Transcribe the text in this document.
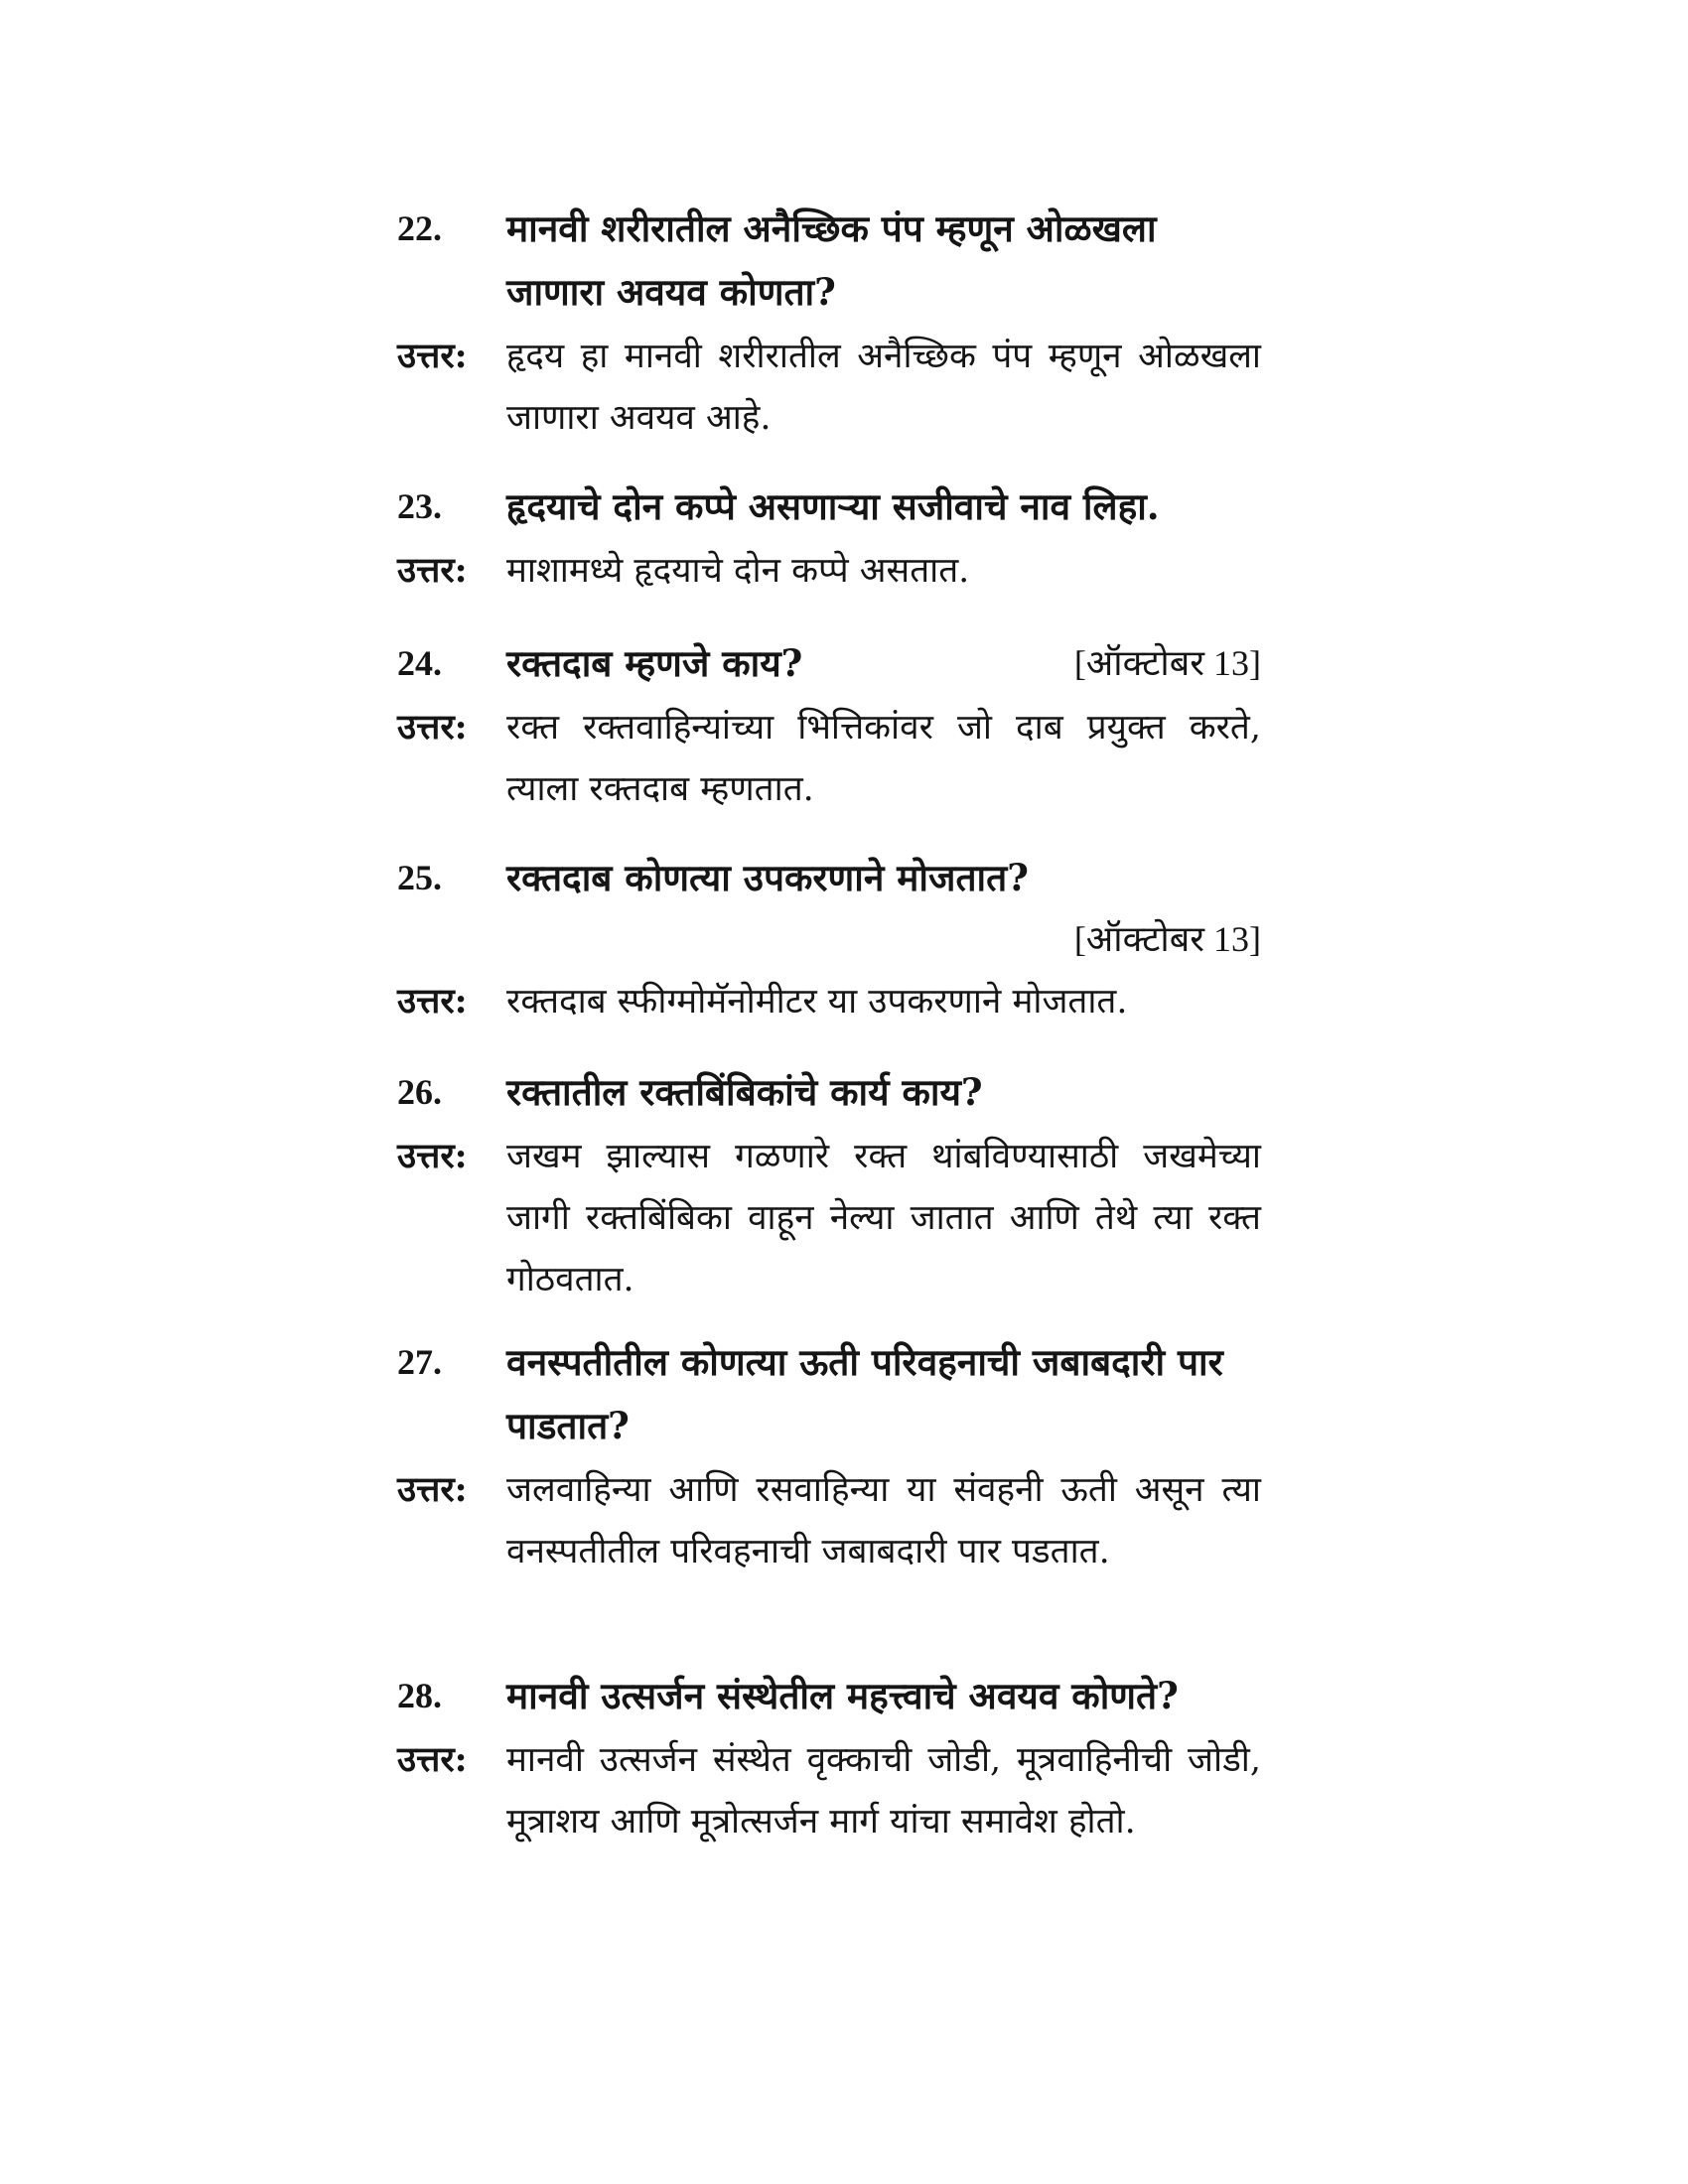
22.	मानवी शरीरातील अनैच्छिक पंप म्हणून ओळखला जाणारा अवयव कोणता?
उत्तर: हृदय हा मानवी शरीरातील अनैच्छिक पंप म्हणून ओळखला जाणारा अवयव आहे.
23.	हृदयाचे दोन कप्पे असणाऱ्या सजीवाचे नाव लिहा.
उत्तर: माशामध्ये हृदयाचे दोन कप्पे असतात.
24.	रक्तदाब म्हणजे काय?	[ऑक्टोबर 13]
उत्तर: रक्त रक्तवाहिन्यांच्या भित्तिकांवर जो दाब प्रयुक्त करते, त्याला रक्तदाब म्हणतात.
25.	रक्तदाब कोणत्या उपकरणाने मोजतात?
[ऑक्टोबर 13]
उत्तर: रक्तदाब स्फीग्मोमॅनोमीटर या उपकरणाने मोजतात.
26.	रक्तातील रक्तबिंबिकांचे कार्य काय?
उत्तर: जखम झाल्यास गळणारे रक्त थांबविण्यासाठी जखमेच्या जागी रक्तबिंबिका वाहून नेल्या जातात आणि तेथे त्या रक्त गोठवतात.
27.	वनस्पतीतील कोणत्या ऊती परिवहनाची जबाबदारी पार पाडतात?
उत्तर: जलवाहिन्या आणि रसवाहिन्या या संवहनी ऊती असून त्या वनस्पतीतील परिवहनाची जबाबदारी पार पडतात.
28.	मानवी उत्सर्जन संस्थेतील महत्त्वाचे अवयव कोणते?
उत्तर: मानवी उत्सर्जन संस्थेत वृक्काची जोडी, मूत्रवाहिनीची जोडी, मूत्राशय आणि मूत्रोत्सर्जन मार्ग यांचा समावेश होतो.
